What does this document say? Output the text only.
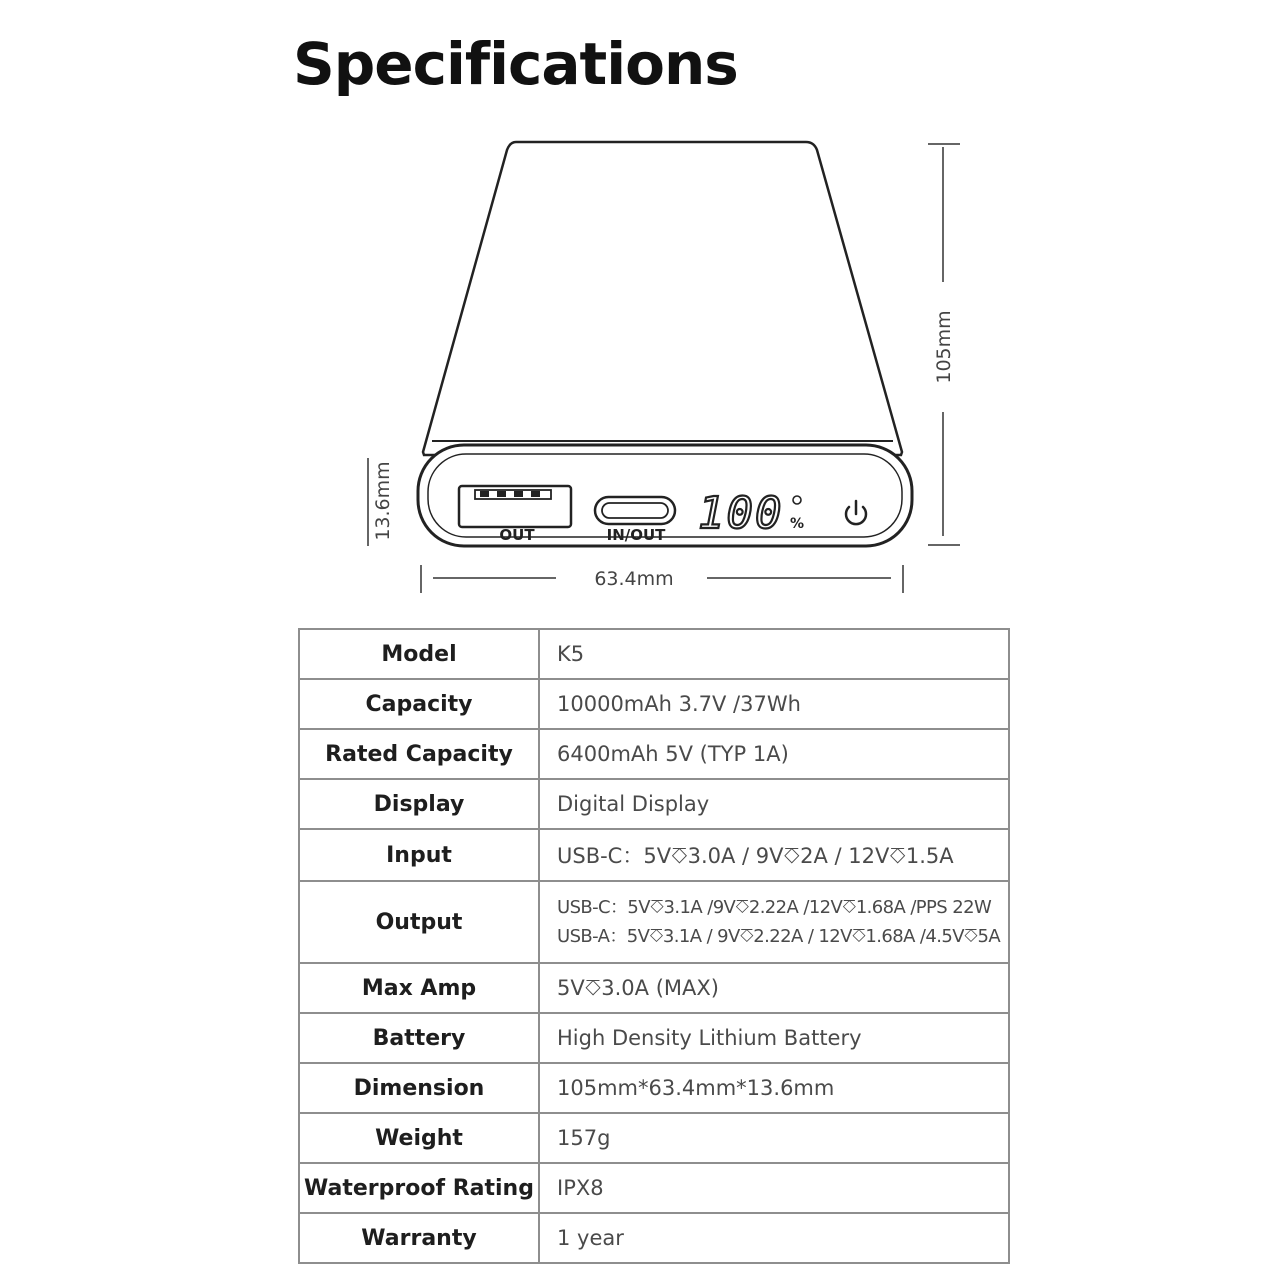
Specifications
OUT	IN/OUT 100 %
105mm
13.6mm
63.4mm
Model	K5

Capacity	10000mAh 3.7V /37Wh

Rated Capacity	6400mAh 5V (TYP 1A)

Display	Digital Display

Input	USB-C：5V⎏3.0A / 9V⎏2A / 12V⎏1.5A

Output	USB-C：5V⎏3.1A /9V⎏2.22A /12V⎏1.68A /PPS 22W
USB-A：5V⎏3.1A / 9V⎏2.22A / 12V⎏1.68A /4.5V⎏5A

Max Amp	5V⎏3.0A (MAX)

Battery	High Density Lithium Battery

Dimension	105mm*63.4mm*13.6mm

Weight	157g

Waterproof Rating	IPX8

Warranty	1 year
